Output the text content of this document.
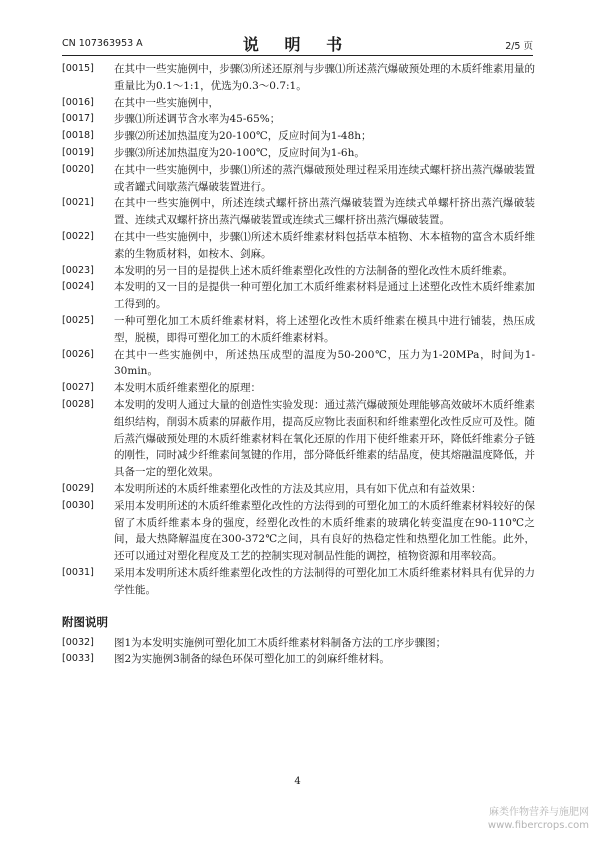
CN 107363953 A	说 明 书	2/5 页
[0015]	在其中一些实施例中，步骤⑶所述还原剂与步骤⑴所述蒸汽爆破预处理的木质纤维素用量的重量比为0.1～1:1，优选为0.3～0.7:1。
[0016]	在其中一些实施例中，
[0017]	步骤⑴所述调节含水率为45-65%；
[0018]	步骤⑵所述加热温度为20-100℃，反应时间为1-48h；
[0019]	步骤⑶所述加热温度为20-100℃，反应时间为1-6h。
[0020]	在其中一些实施例中，步骤⑴所述的蒸汽爆破预处理过程采用连续式螺杆挤出蒸汽爆破装置或者罐式间歇蒸汽爆破装置进行。
[0021]	在其中一些实施例中，所述连续式螺杆挤出蒸汽爆破装置为连续式单螺杆挤出蒸汽爆破装置、连续式双螺杆挤出蒸汽爆破装置或连续式三螺杆挤出蒸汽爆破装置。
[0022]	在其中一些实施例中，步骤⑴所述木质纤维素材料包括草本植物、木本植物的富含木质纤维素的生物质材料，如桉木、剑麻。
[0023]	本发明的另一目的是提供上述木质纤维素塑化改性的方法制备的塑化改性木质纤维素。
[0024]	本发明的又一目的是提供一种可塑化加工木质纤维素材料是通过上述塑化改性木质纤维素加工得到的。
[0025]	一种可塑化加工木质纤维素材料，将上述塑化改性木质纤维素在模具中进行铺装，热压成型，脱模，即得可塑化加工的木质纤维素材料。
[0026]	在其中一些实施例中，所述热压成型的温度为50-200℃，压力为1-20MPa，时间为1-30min。
[0027]	本发明木质纤维素塑化的原理：
[0028]	本发明的发明人通过大量的创造性实验发现：通过蒸汽爆破预处理能够高效破坏木质纤维素组织结构，削弱木质素的屏蔽作用，提高反应物比表面积和纤维素塑化改性反应可及性。随后蒸汽爆破预处理的木质纤维素材料在氧化还原的作用下使纤维素开环，降低纤维素分子链的刚性，同时减少纤维素间氢键的作用，部分降低纤维素的结晶度，使其熔融温度降低，并具备一定的塑化效果。
[0029]	本发明所述的木质纤维素塑化改性的方法及其应用，具有如下优点和有益效果：
[0030]	采用本发明所述的木质纤维素塑化改性的方法得到的可塑化加工的木质纤维素材料较好的保留了木质纤维素本身的强度，经塑化改性的木质纤维素的玻璃化转变温度在90-110℃之间，最大热降解温度在300-372℃之间，具有良好的热稳定性和热塑化加工性能。此外，还可以通过对塑化程度及工艺的控制实现对制品性能的调控，植物资源和用率较高。
[0031]	采用本发明所述木质纤维素塑化改性的方法制得的可塑化加工木质纤维素材料具有优异的力学性能。
附图说明
[0032]	图1为本发明实施例可塑化加工木质纤维素材料制备方法的工序步骤图；
[0033]	图2为实施例3制备的绿色环保可塑化加工的剑麻纤维材料。
4
麻类作物营养与施肥网
www.fibercrops.com
